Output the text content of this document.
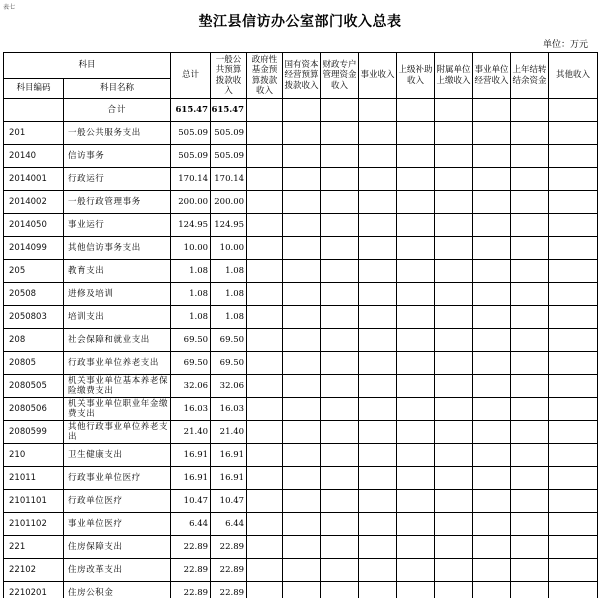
表七
垫江县信访办公室部门收入总表
单位：万元
科目		总计	一般公共预算拨款收入	政府性基金预算拨款收入	国有资本经营预算拨款收入	财政专户管理资金收入	事业收入	上级补助收入	附属单位上缴收入	事业单位经营收入	上年结转结余资金	其他收入
科目编码	科目名称											
	合计	615.47	615.47									
201	一般公共服务支出	505.09	505.09									
20140	信访事务	505.09	505.09									
2014001	行政运行	170.14	170.14									
2014002	一般行政管理事务	200.00	200.00									
2014050	事业运行	124.95	124.95									
2014099	其他信访事务支出	10.00	10.00									
205	教育支出	1.08	1.08									
20508	进修及培训	1.08	1.08									
2050803	培训支出	1.08	1.08									
208	社会保障和就业支出	69.50	69.50									
20805	行政事业单位养老支出	69.50	69.50									
2080505	机关事业单位基本养老保险缴费支出	32.06	32.06									
2080506	机关事业单位职业年金缴费支出	16.03	16.03									
2080599	其他行政事业单位养老支出	21.40	21.40									
210	卫生健康支出	16.91	16.91									
21011	行政事业单位医疗	16.91	16.91									
2101101	行政单位医疗	10.47	10.47									
2101102	事业单位医疗	6.44	6.44									
221	住房保障支出	22.89	22.89									
22102	住房改革支出	22.89	22.89									
2210201	住房公积金	22.89	22.89									
